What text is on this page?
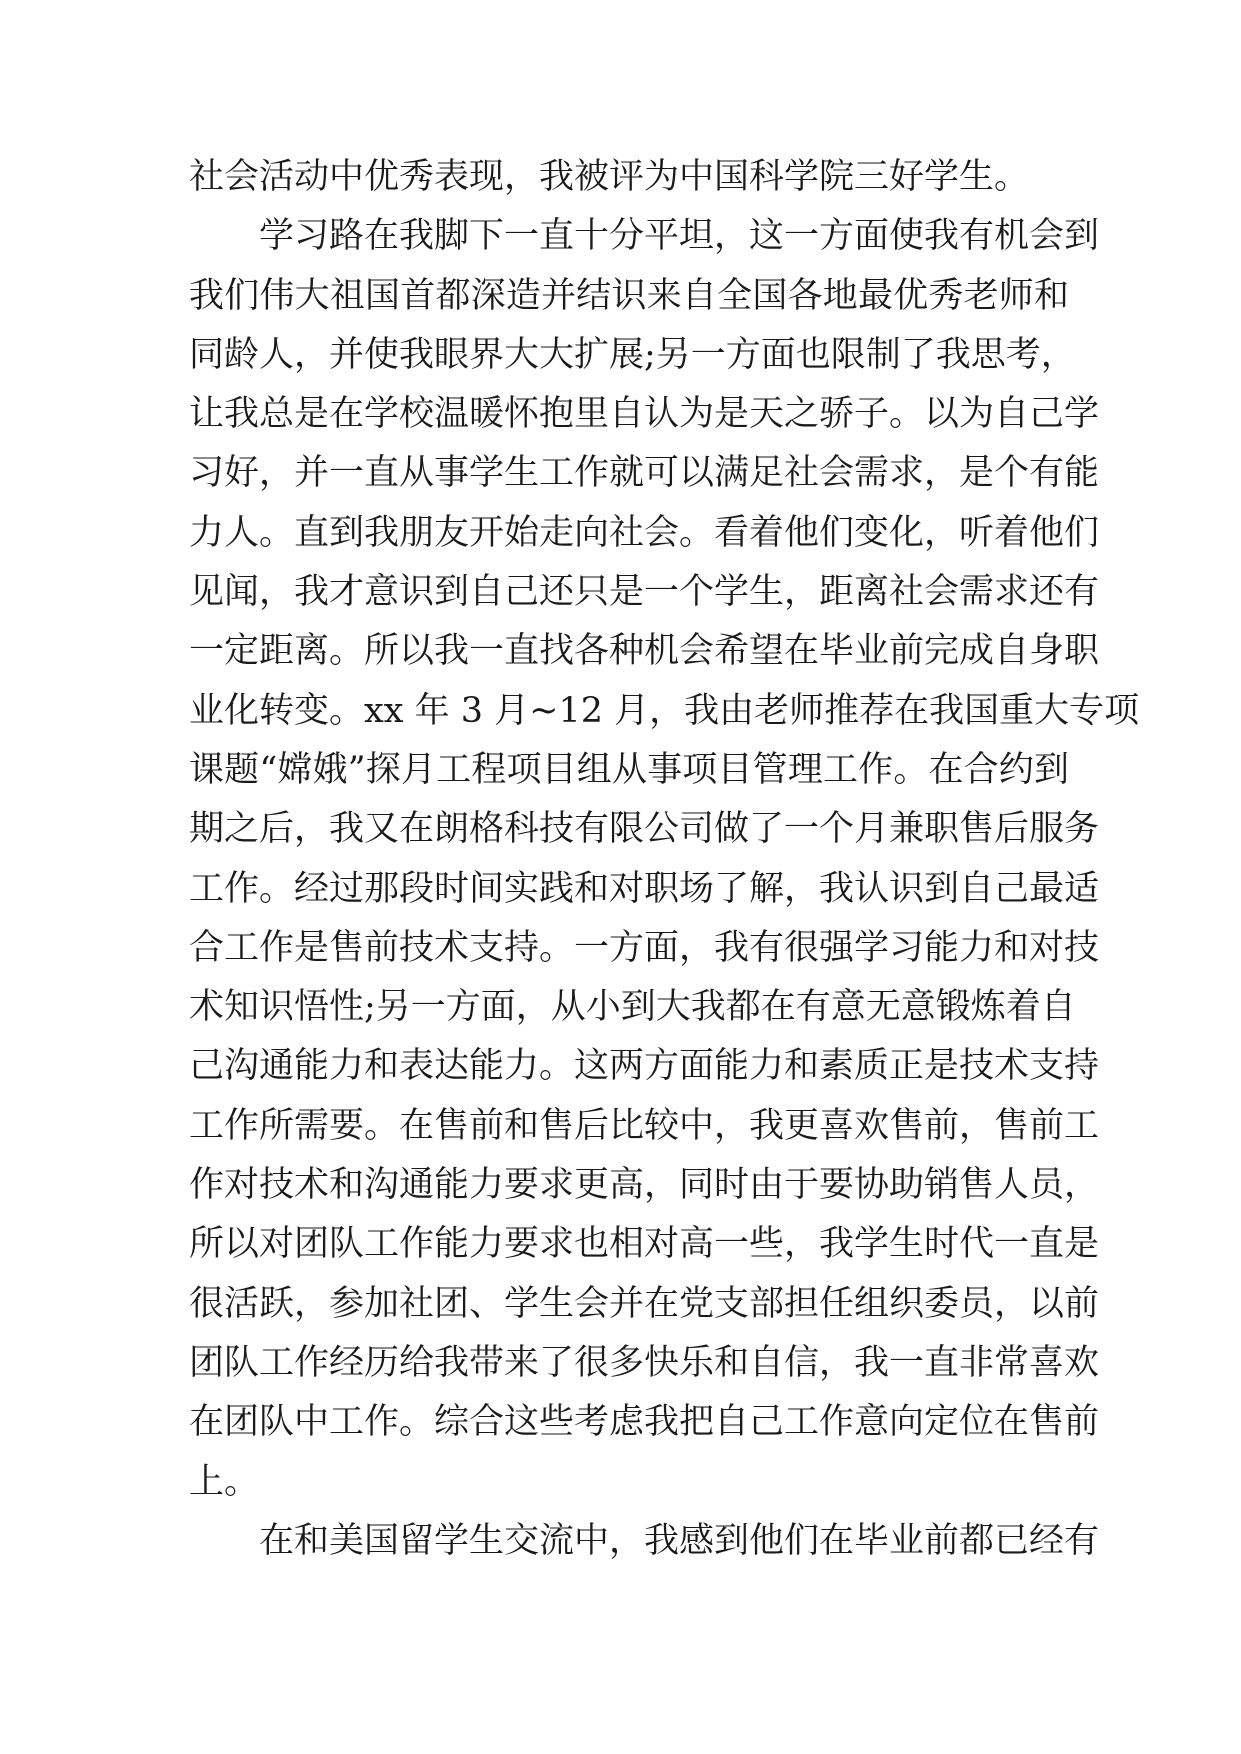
社会活动中优秀表现，我被评为中国科学院三好学生。
学习路在我脚下一直十分平坦，这一方面使我有机会到
我们伟大祖国首都深造并结识来自全国各地最优秀老师和
同龄人，并使我眼界大大扩展;另一方面也限制了我思考，
让我总是在学校温暖怀抱里自认为是天之骄子。以为自己学
习好，并一直从事学生工作就可以满足社会需求，是个有能
力人。直到我朋友开始走向社会。看着他们变化，听着他们
见闻，我才意识到自己还只是一个学生，距离社会需求还有
一定距离。所以我一直找各种机会希望在毕业前完成自身职
业化转变。xx 年 3 月~12 月，我由老师推荐在我国重大专项
课题“嫦娥”探月工程项目组从事项目管理工作。在合约到
期之后，我又在朗格科技有限公司做了一个月兼职售后服务
工作。经过那段时间实践和对职场了解，我认识到自己最适
合工作是售前技术支持。一方面，我有很强学习能力和对技
术知识悟性;另一方面，从小到大我都在有意无意锻炼着自
己沟通能力和表达能力。这两方面能力和素质正是技术支持
工作所需要。在售前和售后比较中，我更喜欢售前，售前工
作对技术和沟通能力要求更高，同时由于要协助销售人员，
所以对团队工作能力要求也相对高一些，我学生时代一直是
很活跃，参加社团、学生会并在党支部担任组织委员，以前
团队工作经历给我带来了很多快乐和自信，我一直非常喜欢
在团队中工作。综合这些考虑我把自己工作意向定位在售前
上。
在和美国留学生交流中，我感到他们在毕业前都已经有
